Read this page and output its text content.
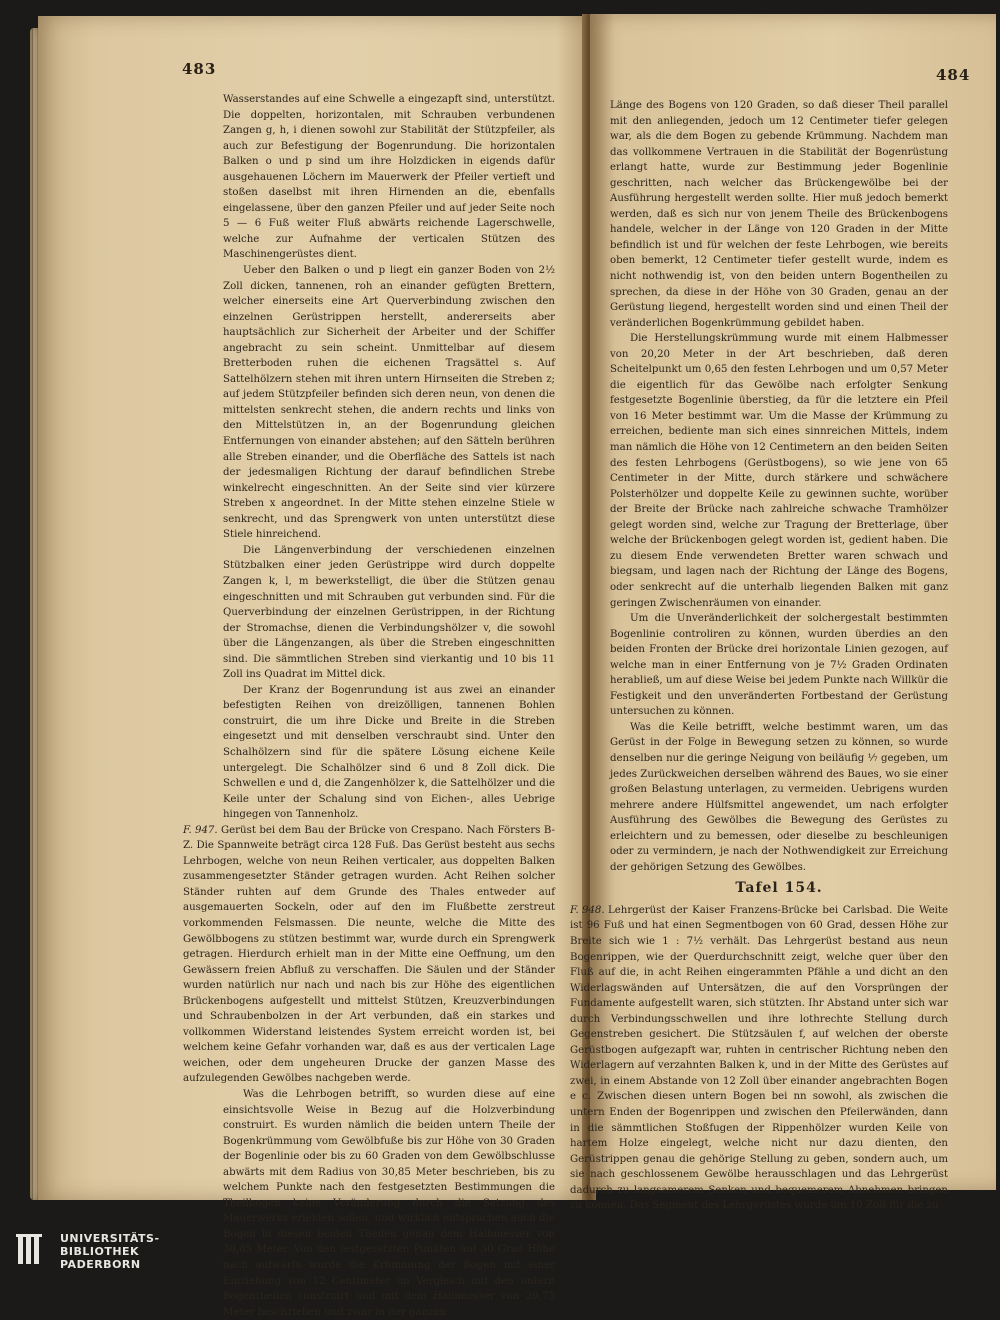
483	484

Wasserstandes auf eine Schwelle a eingezapft sind, unterstützt. Die doppelten, horizontalen, mit Schrauben verbundenen Zangen g, h, i dienen sowohl zur Stabilität der Stützpfeiler, als auch zur Befestigung der Bogenrundung. Die horizontalen Balken o und p sind um ihre Holzdicken in eigends dafür ausgehauenen Löchern im Mauerwerk der Pfeiler vertieft und stoßen daselbst mit ihren Hirnenden an die, ebenfalls eingelassene, über den ganzen Pfeiler und auf jeder Seite noch 5 — 6 Fuß weiter Fluß abwärts reichende Lagerschwelle, welche zur Aufnahme der verticalen Stützen des Maschinengerüstes dient.

Ueber den Balken o und p liegt ein ganzer Boden von 2½ Zoll dicken, tannenen, roh an einander gefügten Brettern, welcher einerseits eine Art Querverbindung zwischen den einzelnen Gerüstrippen herstellt, andererseits aber hauptsächlich zur Sicherheit der Arbeiter und der Schiffer angebracht zu sein scheint. Unmittelbar auf diesem Bretterboden ruhen die eichenen Tragsättel s. Auf Sattelhölzern stehen mit ihren untern Hirnseiten die Streben z; auf jedem Stützpfeiler befinden sich deren neun, von denen die mittelsten senkrecht stehen, die andern rechts und links von den Mittelstützen in, an der Bogenrundung gleichen Entfernungen von einander abstehen; auf den Sätteln berühren alle Streben einander, und die Oberfläche des Sattels ist nach der jedesmaligen Richtung der darauf befindlichen Strebe winkelrecht eingeschnitten. An der Seite sind vier kürzere Streben x angeordnet. In der Mitte stehen einzelne Stiele w senkrecht, und das Sprengwerk von unten unterstützt diese Stiele hinreichend.

Die Längenverbindung der verschiedenen einzelnen Stützbalken einer jeden Gerüstrippe wird durch doppelte Zangen k, l, m bewerkstelligt, die über die Stützen genau eingeschnitten und mit Schrauben gut verbunden sind. Für die Querverbindung der einzelnen Gerüstrippen, in der Richtung der Stromachse, dienen die Verbindungshölzer v, die sowohl über die Längenzangen, als über die Streben eingeschnitten sind. Die sämmtlichen Streben sind vierkantig und 10 bis 11 Zoll ins Quadrat im Mittel dick.

Der Kranz der Bogenrundung ist aus zwei an einander befestigten Reihen von dreizölligen, tannenen Bohlen construirt, die um ihre Dicke und Breite in die Streben eingesetzt und mit denselben verschraubt sind. Unter den Schalhölzern sind für die spätere Lösung eichene Keile untergelegt. Die Schalhölzer sind 6 und 8 Zoll dick. Die Schwellen e und d, die Zangenhölzer k, die Sattelhölzer und die Keile unter der Schalung sind von Eichen-, alles Uebrige hingegen von Tannenholz.

F. 947. Gerüst bei dem Bau der Brücke von Crespano. Nach Försters B-Z. Die Spannweite beträgt circa 128 Fuß. Das Gerüst besteht aus sechs Lehrbogen, welche von neun Reihen verticaler, aus doppelten Balken zusammengesetzter Ständer getragen wurden. Acht Reihen solcher Ständer ruhten auf dem Grunde des Thales entweder auf ausgemauerten Sockeln, oder auf den im Flußbette zerstreut vorkommenden Felsmassen. Die neunte, welche die Mitte des Gewölbbogens zu stützen bestimmt war, wurde durch ein Sprengwerk getragen. Hierdurch erhielt man in der Mitte eine Oeffnung, um den Gewässern freien Abfluß zu verschaffen. Die Säulen und der Ständer wurden natürlich nur nach und nach bis zur Höhe des eigentlichen Brückenbogens aufgestellt und mittelst Stützen, Kreuzverbindungen und Schraubenbolzen in der Art verbunden, daß ein starkes und vollkommen Widerstand leistendes System erreicht worden ist, bei welchem keine Gefahr vorhanden war, daß es aus der verticalen Lage weichen, oder dem ungeheuren Drucke der ganzen Masse des aufzulegenden Gewölbes nachgeben werde.

Was die Lehrbogen betrifft, so wurden diese auf eine einsichtsvolle Weise in Bezug auf die Holzverbindung construirt. Es wurden nämlich die beiden untern Theile der Bogenkrümmung vom Gewölbfuße bis zur Höhe von 30 Graden der Bogenlinie oder bis zu 60 Graden von dem Gewölbschlusse abwärts mit dem Radius von 30,85 Meter beschrieben, bis zu welchem Punkte nach den festgesetzten Bestimmungen die Theilbogen keine Veränderung durch die Setzung des Mauerwerks erleiden sollen, und wirklich entsprachen auch die Bogen in diesen beiden Theilen genau dem Halbmesser von 30,85 Meter. Von den festgesetzten Punkten auf 30 Grad Höhe nach aufwärts wurde die Krümmung der Bogen mit einer Einziehung von 12 Centimeter im Vergleich mit den untern Bogentheilen construirt und mit dem Halbmesser von 20,75 Meter beschrieben und zwar in der ganzen

Länge des Bogens von 120 Graden, so daß dieser Theil parallel mit den anliegenden, jedoch um 12 Centimeter tiefer gelegen war, als die dem Bogen zu gebende Krümmung. Nachdem man das vollkommene Vertrauen in die Stabilität der Bogenrüstung erlangt hatte, wurde zur Bestimmung jeder Bogenlinie geschritten, nach welcher das Brückengewölbe bei der Ausführung hergestellt werden sollte. Hier muß jedoch bemerkt werden, daß es sich nur von jenem Theile des Brückenbogens handele, welcher in der Länge von 120 Graden in der Mitte befindlich ist und für welchen der feste Lehrbogen, wie bereits oben bemerkt, 12 Centimeter tiefer gestellt wurde, indem es nicht nothwendig ist, von den beiden untern Bogentheilen zu sprechen, da diese in der Höhe von 30 Graden, genau an der Gerüstung liegend, hergestellt worden sind und einen Theil der veränderlichen Bogenkrümmung gebildet haben.

Die Herstellungskrümmung wurde mit einem Halbmesser von 20,20 Meter in der Art beschrieben, daß deren Scheitelpunkt um 0,65 den festen Lehrbogen und um 0,57 Meter die eigentlich für das Gewölbe nach erfolgter Senkung festgesetzte Bogenlinie überstieg, da für die letztere ein Pfeil von 16 Meter bestimmt war. Um die Masse der Krümmung zu erreichen, bediente man sich eines sinnreichen Mittels, indem man nämlich die Höhe von 12 Centimetern an den beiden Seiten des festen Lehrbogens (Gerüstbogens), so wie jene von 65 Centimeter in der Mitte, durch stärkere und schwächere Polsterhölzer und doppelte Keile zu gewinnen suchte, worüber der Breite der Brücke nach zahlreiche schwache Tramhölzer gelegt worden sind, welche zur Tragung der Bretterlage, über welche der Brückenbogen gelegt worden ist, gedient haben. Die zu diesem Ende verwendeten Bretter waren schwach und biegsam, und lagen nach der Richtung der Länge des Bogens, oder senkrecht auf die unterhalb liegenden Balken mit ganz geringen Zwischenräumen von einander.

Um die Unveränderlichkeit der solchergestalt bestimmten Bogenlinie controliren zu können, wurden überdies an den beiden Fronten der Brücke drei horizontale Linien gezogen, auf welche man in einer Entfernung von je 7½ Graden Ordinaten herabließ, um auf diese Weise bei jedem Punkte nach Willkür die Festigkeit und den unveränderten Fortbestand der Gerüstung untersuchen zu können.

Was die Keile betrifft, welche bestimmt waren, um das Gerüst in der Folge in Bewegung setzen zu können, so wurde denselben nur die geringe Neigung von beiläufig ⅐ gegeben, um jedes Zurückweichen derselben während des Baues, wo sie einer großen Belastung unterlagen, zu vermeiden. Uebrigens wurden mehrere andere Hülfsmittel angewendet, um nach erfolgter Ausführung des Gewölbes die Bewegung des Gerüstes zu erleichtern und zu bemessen, oder dieselbe zu beschleunigen oder zu vermindern, je nach der Nothwendigkeit zur Erreichung der gehörigen Setzung des Gewölbes.

Tafel 154.

F. 948. Lehrgerüst der Kaiser Franzens-Brücke bei Carlsbad. Die Weite ist 96 Fuß und hat einen Segmentbogen von 60 Grad, dessen Höhe zur Breite sich wie 1 : 7½ verhält. Das Lehrgerüst bestand aus neun Bogenrippen, wie der Querdurchschnitt zeigt, welche quer über den Fluß auf die, in acht Reihen eingerammten Pfähle a und dicht an den Widerlagswänden auf Untersätzen, die auf den Vorsprüngen der Fundamente aufgestellt waren, sich stützten. Ihr Abstand unter sich war durch Verbindungsschwellen und ihre lothrechte Stellung durch Gegenstreben gesichert. Die Stützsäulen f, auf welchen der oberste Gerüstbogen aufgezapft war, ruhten in centrischer Richtung neben den Widerlagern auf verzahnten Balken k, und in der Mitte des Gerüstes auf zwei, in einem Abstande von 12 Zoll über einander angebrachten Bogen e c. Zwischen diesen untern Bogen bei nn sowohl, als zwischen die untern Enden der Bogenrippen und zwischen den Pfeilerwänden, dann in die sämmtlichen Stoßfugen der Rippenhölzer wurden Keile von hartem Holze eingelegt, welche nicht nur dazu dienten, den Gerüstrippen genau die gehörige Stellung zu geben, sondern auch, um sie nach geschlossenem Gewölbe herausschlagen und das Lehrgerüst dadurch zu langsamerem Senken und bequemerem Abnehmen bringen zu können. Das Segment des Lehrgerüstes wurde um 10 Zoll für die zu

UNIVERSITÄTS-
BIBLIOTHEK
PADERBORN
